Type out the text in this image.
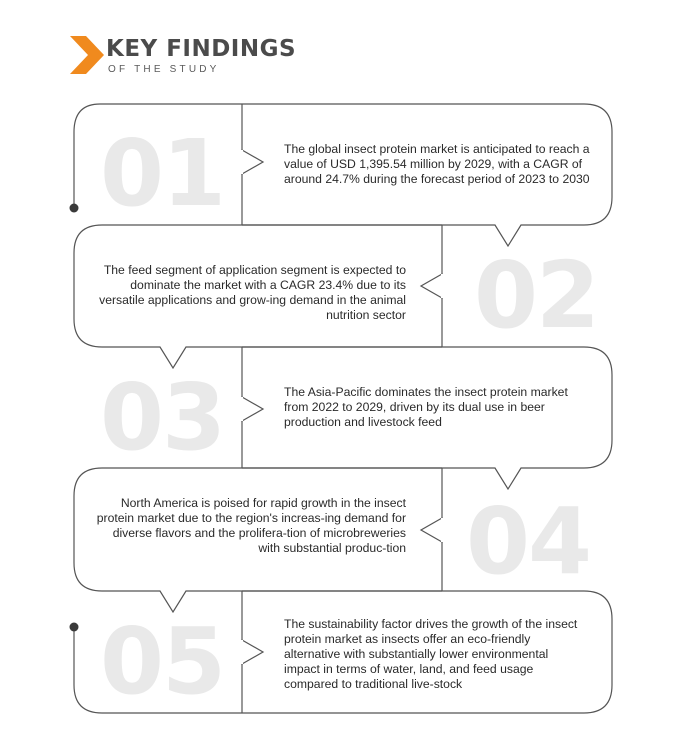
KEY FINDINGS
OF THE STUDY
01
02
03
04
05
The global insect protein market is anticipated to reach a value of USD 1,395.54 million by 2029, with a CAGR of around 24.7% during the forecast period of 2023 to 2030
The feed segment of application segment is expected to dominate the market with a CAGR 23.4% due to its versatile applications and grow-ing demand in the animal nutrition sector
The Asia-Pacific dominates the insect protein market from 2022 to 2029, driven by its dual use in beer production and livestock feed
North America is poised for rapid growth in the insect protein market due to the region's increas-ing demand for diverse flavors and the prolifera-tion of microbreweries with substantial produc-tion
The sustainability factor drives the growth of the insect protein market as insects offer an eco-friendly alternative with substantially lower environmental impact in terms of water, land, and feed usage compared to traditional live-stock
